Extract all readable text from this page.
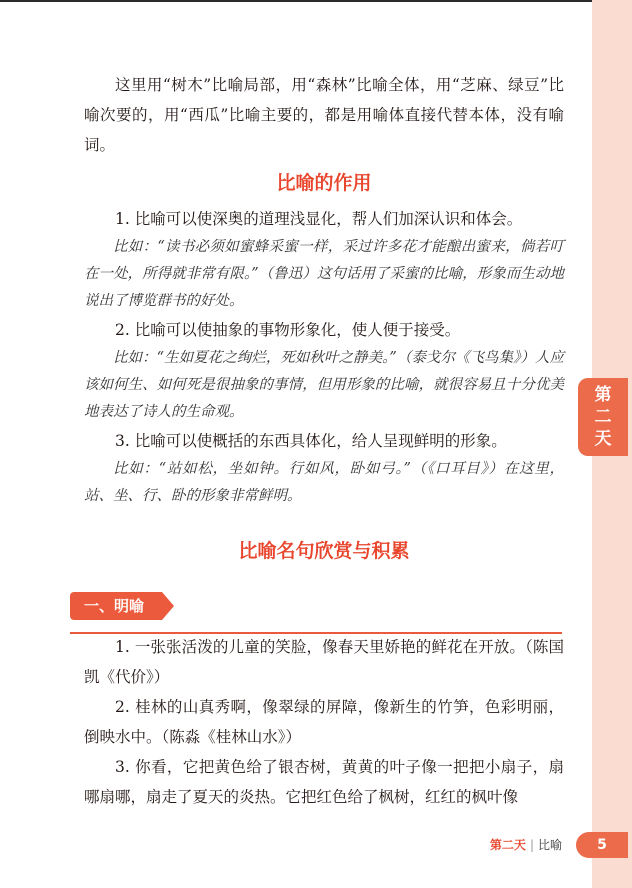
第二天

这里用“树木”比喻局部，用“森林”比喻全体，用“芝麻、绿豆”比喻次要的，用“西瓜”比喻主要的，都是用喻体直接代替本体，没有喻词。

比喻的作用

1. 比喻可以使深奥的道理浅显化，帮人们加深认识和体会。

比如：“读书必须如蜜蜂采蜜一样，采过许多花才能酿出蜜来，倘若叮在一处，所得就非常有限。”（鲁迅）这句话用了采蜜的比喻，形象而生动地说出了博览群书的好处。

2. 比喻可以使抽象的事物形象化，使人便于接受。

比如：“生如夏花之绚烂，死如秋叶之静美。”（泰戈尔《飞鸟集》）人应该如何生、如何死是很抽象的事情，但用形象的比喻，就很容易且十分优美地表达了诗人的生命观。

3. 比喻可以使概括的东西具体化，给人呈现鲜明的形象。

比如：“站如松，坐如钟。行如风，卧如弓。”（《口耳目》）在这里，站、坐、行、卧的形象非常鲜明。

比喻名句欣赏与积累
一、明喻

1. 一张张活泼的儿童的笑脸，像春天里娇艳的鲜花在开放。（陈国凯《代价》）

2. 桂林的山真秀啊，像翠绿的屏障，像新生的竹笋，色彩明丽，倒映水中。（陈淼《桂林山水》）

3. 你看，它把黄色给了银杏树，黄黄的叶子像一把把小扇子，扇哪扇哪，扇走了夏天的炎热。它把红色给了枫树，红红的枫叶像

第二天 | 比喻	5
